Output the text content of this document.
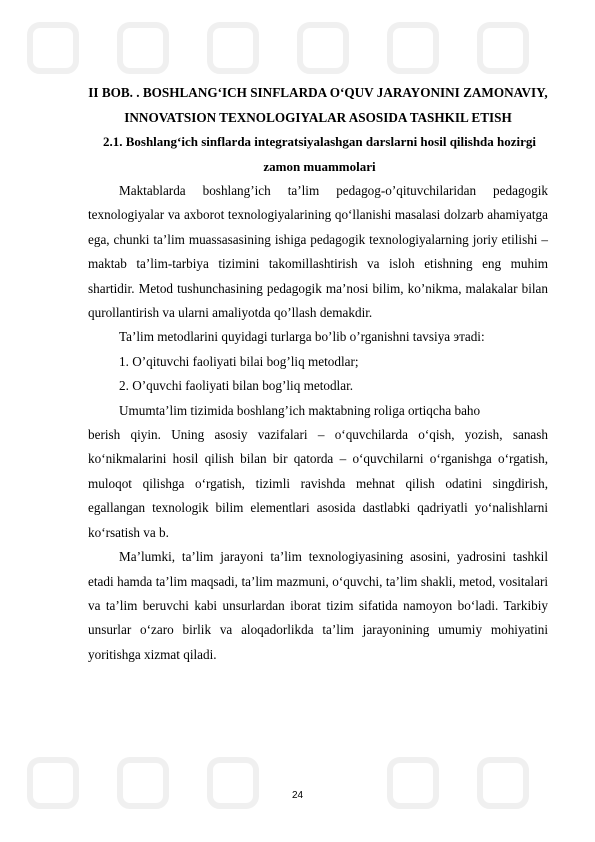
II BOB. . BOSHLANG‘ICH SINFLARDA O‘QUV JARAYONINI ZAMONAVIY, INNOVATSION TEXNOLOGIYALAR ASOSIDA TASHKIL ETISH

2.1. Boshlang‘ich sinflarda integratsiyalashgan darslarni hosil qilishda hozirgi zamon muammolari

Maktablarda boshlang’ich ta’lim pedagog-o’qituvchilaridan pedagogik texnologiyalar va axborot texnologiyalarining qo‘llanishi masalasi dolzarb ahamiyatga ega, chunki ta’lim muassasasining ishiga pedagogik texnologiyalarning joriy etilishi – maktab ta’lim-tarbiya tizimini takomillashtirish va isloh etishning eng muhim shartidir. Metod tushunchasining pedagogik ma’nosi bilim, ko’nikma, malakalar bilan qurollantirish va ularni amaliyotda qo’llash demakdir.

Ta’lim metodlarini quyidagi turlarga bo’lib o’rganishni tavsiya этadi:

1. O’qituvchi faoliyati bilai bog’liq metodlar;

2. O’quvchi faoliyati bilan bog’liq metodlar.

Umumta’lim tizimida boshlang’ich maktabning roliga ortiqcha baho

berish qiyin. Uning asosiy vazifalari – o‘quvchilarda o‘qish, yozish, sanash ko‘nikmalarini hosil qilish bilan bir qatorda – o‘quvchilarni o‘rganishga o‘rgatish, muloqot qilishga o‘rgatish, tizimli ravishda mehnat qilish odatini singdirish, egallangan texnologik bilim elementlari asosida dastlabki qadriyatli yo‘nalishlarni ko‘rsatish va b.

Ma’lumki, ta’lim jarayoni ta’lim texnologiyasining asosini, yadrosini tashkil etadi hamda ta’lim maqsadi, ta’lim mazmuni, o‘quvchi, ta’lim shakli, metod, vositalari va ta’lim beruvchi kabi unsurlardan iborat tizim sifatida namoyon bo‘ladi. Tarkibiy unsurlar o‘zaro birlik va aloqadorlikda ta’lim jarayonining umumiy mohiyatini yoritishga xizmat qiladi.

24
